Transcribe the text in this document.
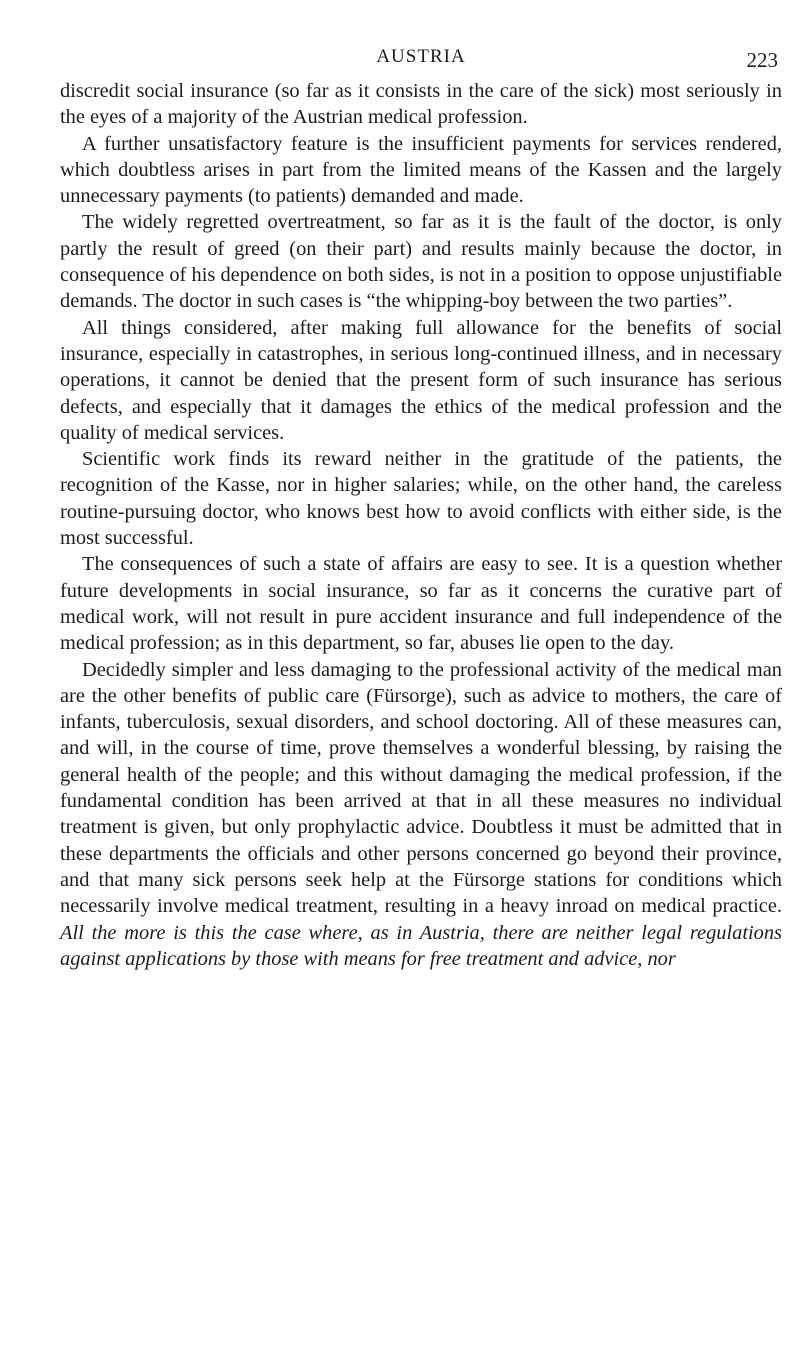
AUSTRIA	223

discredit social insurance (so far as it consists in the care of the sick) most seriously in the eyes of a majority of the Austrian medical profession.

A further unsatisfactory feature is the insufficient payments for services rendered, which doubtless arises in part from the limited means of the Kassen and the largely unnecessary payments (to patients) demanded and made.

The widely regretted overtreatment, so far as it is the fault of the doctor, is only partly the result of greed (on their part) and results mainly because the doctor, in consequence of his dependence on both sides, is not in a position to oppose unjustifiable demands. The doctor in such cases is “the whipping-boy between the two parties”.

All things considered, after making full allowance for the benefits of social insurance, especially in catastrophes, in serious long-continued illness, and in necessary operations, it cannot be denied that the present form of such insurance has serious defects, and especially that it damages the ethics of the medical profession and the quality of medical services.

Scientific work finds its reward neither in the gratitude of the patients, the recognition of the Kasse, nor in higher salaries; while, on the other hand, the careless routine-pursuing doctor, who knows best how to avoid conflicts with either side, is the most successful.

The consequences of such a state of affairs are easy to see. It is a question whether future developments in social insurance, so far as it concerns the curative part of medical work, will not result in pure accident insurance and full independence of the medical profession; as in this department, so far, abuses lie open to the day.

Decidedly simpler and less damaging to the professional activity of the medical man are the other benefits of public care (Fürsorge), such as advice to mothers, the care of infants, tuberculosis, sexual disorders, and school doctoring. All of these measures can, and will, in the course of time, prove themselves a wonderful blessing, by raising the general health of the people; and this without damaging the medical profession, if the fundamental condition has been arrived at that in all these measures no individual treatment is given, but only prophylactic advice. Doubtless it must be admitted that in these departments the officials and other persons concerned go beyond their province, and that many sick persons seek help at the Fürsorge stations for conditions which necessarily involve medical treatment, resulting in a heavy inroad on medical practice. All the more is this the case where, as in Austria, there are neither legal regulations against applications by those with means for free treatment and advice, nor
